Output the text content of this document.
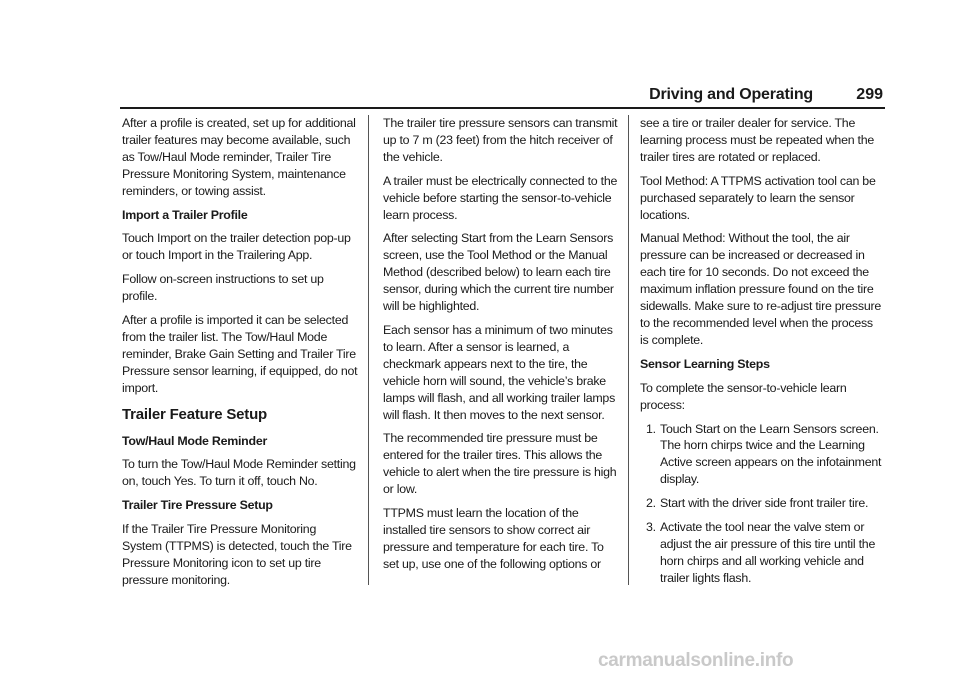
Driving and Operating	299

After a profile is created, set up for additional trailer features may become available, such as Tow/Haul Mode reminder, Trailer Tire Pressure Monitoring System, maintenance reminders, or towing assist.

Import a Trailer Profile

Touch Import on the trailer detection pop-up or touch Import in the Trailering App.

Follow on-screen instructions to set up profile.

After a profile is imported it can be selected from the trailer list. The Tow/Haul Mode reminder, Brake Gain Setting and Trailer Tire Pressure sensor learning, if equipped, do not import.

Trailer Feature Setup

Tow/Haul Mode Reminder

To turn the Tow/Haul Mode Reminder setting on, touch Yes. To turn it off, touch No.

Trailer Tire Pressure Setup

If the Trailer Tire Pressure Monitoring System (TTPMS) is detected, touch the Tire Pressure Monitoring icon to set up tire pressure monitoring.

The trailer tire pressure sensors can transmit up to 7 m (23 feet) from the hitch receiver of the vehicle.

A trailer must be electrically connected to the vehicle before starting the sensor-to-vehicle learn process.

After selecting Start from the Learn Sensors screen, use the Tool Method or the Manual Method (described below) to learn each tire sensor, during which the current tire number will be highlighted.

Each sensor has a minimum of two minutes to learn. After a sensor is learned, a checkmark appears next to the tire, the vehicle horn will sound, the vehicle’s brake lamps will flash, and all working trailer lamps will flash. It then moves to the next sensor.

The recommended tire pressure must be entered for the trailer tires. This allows the vehicle to alert when the tire pressure is high or low.

TTPMS must learn the location of the installed tire sensors to show correct air pressure and temperature for each tire. To set up, use one of the following options or

see a tire or trailer dealer for service. The learning process must be repeated when the trailer tires are rotated or replaced.

Tool Method: A TTPMS activation tool can be purchased separately to learn the sensor locations.

Manual Method: Without the tool, the air pressure can be increased or decreased in each tire for 10 seconds. Do not exceed the maximum inflation pressure found on the tire sidewalls. Make sure to re-adjust tire pressure to the recommended level when the process is complete.

Sensor Learning Steps

To complete the sensor-to-vehicle learn process:

1. Touch Start on the Learn Sensors screen. The horn chirps twice and the Learning Active screen appears on the infotainment display.
2. Start with the driver side front trailer tire.
3. Activate the tool near the valve stem or adjust the air pressure of this tire until the horn chirps and all working vehicle and trailer lights flash.
carmanualsonline.info
